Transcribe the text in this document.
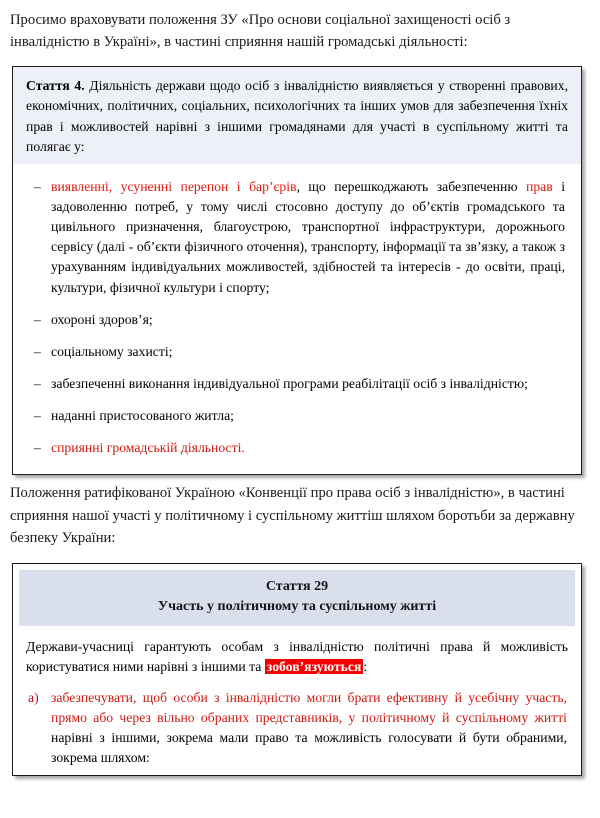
Просимо враховувати положення ЗУ «Про основи соціальної захищеності осіб з інвалідністю в Україні», в частині сприяння нашій громадські діяльності:

Стаття 4. Діяльність держави щодо осіб з інвалідністю виявляється у створенні правових, економічних, політичних, соціальних, психологічних та інших умов для забезпечення їхніх прав і можливостей нарівні з іншими громадянами для участі в суспільному житті та полягає у:
– виявленні, усуненні перепон і бар’єрів, що перешкоджають забезпеченню прав і задоволенню потреб, у тому числі стосовно доступу до об’єктів громадського та цивільного призначення, благоустрою, транспортної інфраструктури, дорожнього сервісу (далі - об’єкти фізичного оточення), транспорту, інформації та зв’язку, а також з урахуванням індивідуальних можливостей, здібностей та інтересів - до освіти, праці, культури, фізичної культури і спорту;
– охороні здоров’я;
– соціальному захисті;
– забезпеченні виконання індивідуальної програми реабілітації осіб з інвалідністю;
– наданні пристосованого житла;
– сприянні громадській діяльності.

Положення ратифікованої Україною «Конвенції про права осіб з інвалідністю», в частині сприяння нашої участі у політичному і суспільному життіш шляхом боротьби за державну безпеку України:

Стаття 29
Участь у політичному та суспільному житті
Держави-учасниці гарантують особам з інвалідністю політичні права й можливість користуватися ними нарівні з іншими та зобов’язуються :
а) забезпечувати, щоб особи з інвалідністю могли брати ефективну й усебічну участь, прямо або через вільно обраних представників, у політичному й суспільному житті нарівні з іншими, зокрема мали право та можливість голосувати й бути обраними, зокрема шляхом:
